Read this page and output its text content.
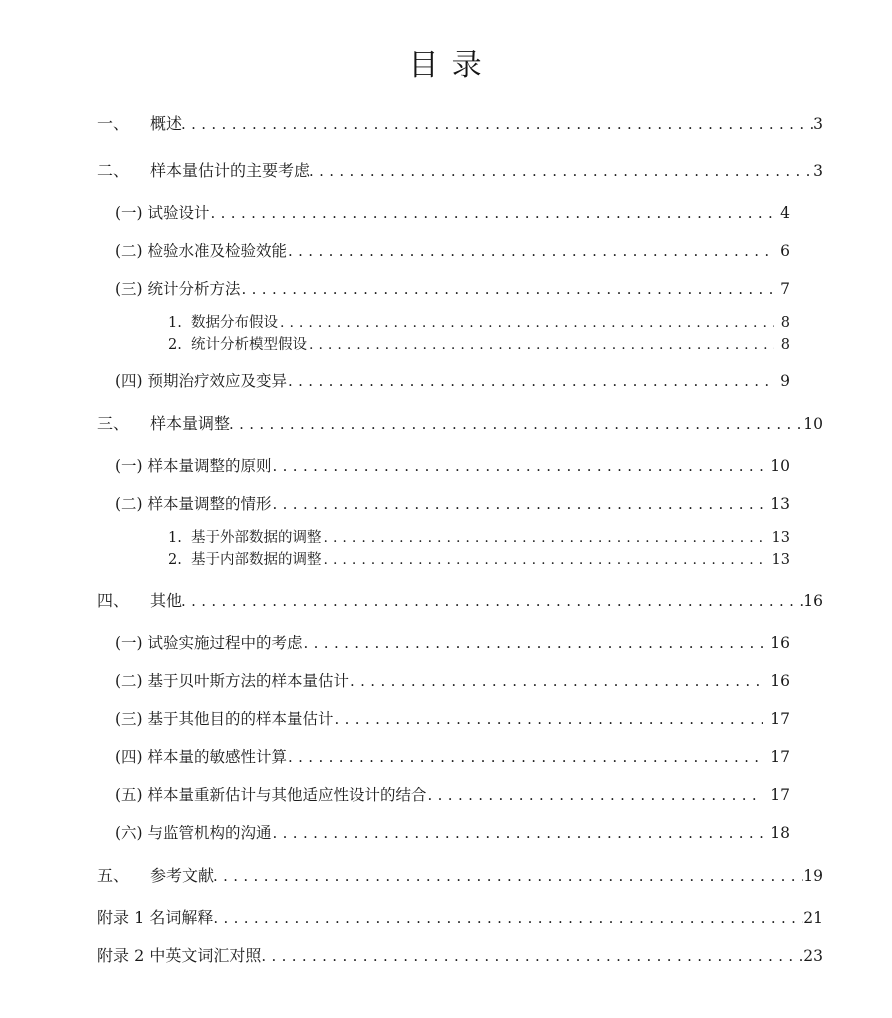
目 录
一、	概述 . . .	3
二、	样本量估计的主要考虑 . . .	3
(一) 试验设计 . . .	4
(二) 检验水准及检验效能 . . .	6
(三) 统计分析方法 . . .	7
1. 数据分布假设 . . .	8
2. 统计分析模型假设 . . .	8
(四) 预期治疗效应及变异 . . .	9
三、	样本量调整 . . .	10
(一) 样本量调整的原则 . . .	10
(二) 样本量调整的情形 . . .	13
1. 基于外部数据的调整 . . .	13
2. 基于内部数据的调整 . . .	13
四、	其他 . . .	16
(一) 试验实施过程中的考虑 . . .	16
(二) 基于贝叶斯方法的样本量估计 . . .	16
(三) 基于其他目的的样本量估计 . . .	17
(四) 样本量的敏感性计算 . . .	17
(五) 样本量重新估计与其他适应性设计的结合 . . .	17
(六) 与监管机构的沟通 . . .	18
五、	参考文献 . . .	19
附录 1 名词解释 . . .	21
附录 2 中英文词汇对照 . . .	23
